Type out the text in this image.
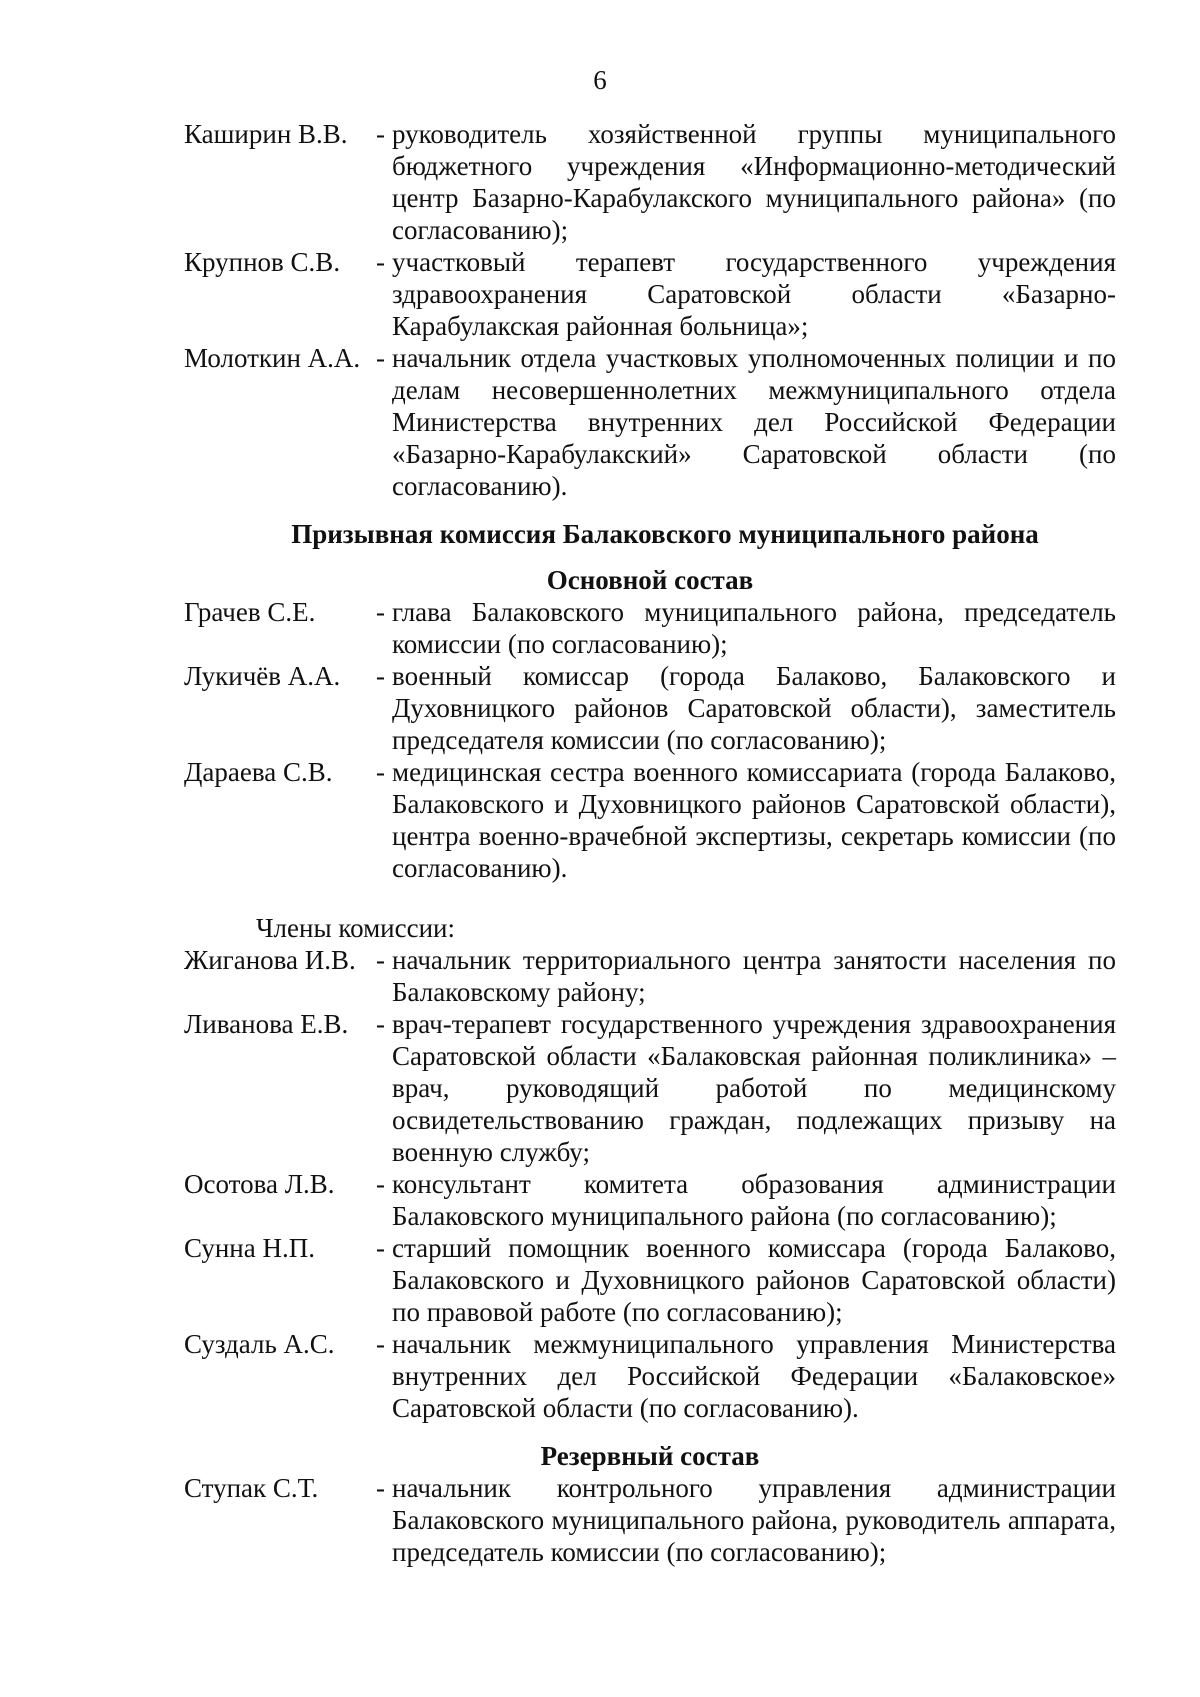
6
Каширин В.В.	- руководитель хозяйственной группы муниципального бюджетного учреждения «Информационно-методический центр Базарно-Карабулакского муниципального района» (по согласованию);
Крупнов С.В.	- участковый терапевт государственного учреждения здравоохранения Саратовской области «Базарно-Карабулакская районная больница»;
Молоткин А.А. - начальник отдела участковых уполномоченных полиции и по делам несовершеннолетних межмуниципального отдела Министерства внутренних дел Российской Федерации «Базарно-Карабулакский» Саратовской области (по согласованию).
Призывная комиссия Балаковского муниципального района
Основной состав
Грачев С.Е.	- глава Балаковского муниципального района, председатель комиссии (по согласованию);
Лукичёв А.А.	- военный комиссар (города Балаково, Балаковского и Духовницкого районов Саратовской области), заместитель председателя комиссии (по согласованию);
Дараева С.В.	- медицинская сестра военного комиссариата (города Балаково, Балаковского и Духовницкого районов Саратовской области), центра военно-врачебной экспертизы, секретарь комиссии (по согласованию).
Члены комиссии:
Жиганова И.В. - начальник территориального центра занятости населения по Балаковскому району;
Ливанова Е.В.	- врач-терапевт государственного учреждения здравоохранения Саратовской области «Балаковская районная поликлиника» – врач, руководящий работой по медицинскому освидетельствованию граждан, подлежащих призыву на военную службу;
Осотова Л.В.	- консультант комитета образования администрации Балаковского муниципального района (по согласованию);
Сунна Н.П.	- старший помощник военного комиссара (города Балаково, Балаковского и Духовницкого районов Саратовской области) по правовой работе (по согласованию);
Суздаль А.С.	- начальник межмуниципального управления Министерства внутренних дел Российской Федерации «Балаковское» Саратовской области (по согласованию).
Резервный состав
Ступак С.Т.	- начальник контрольного управления администрации Балаковского муниципального района, руководитель аппарата, председатель комиссии (по согласованию);
